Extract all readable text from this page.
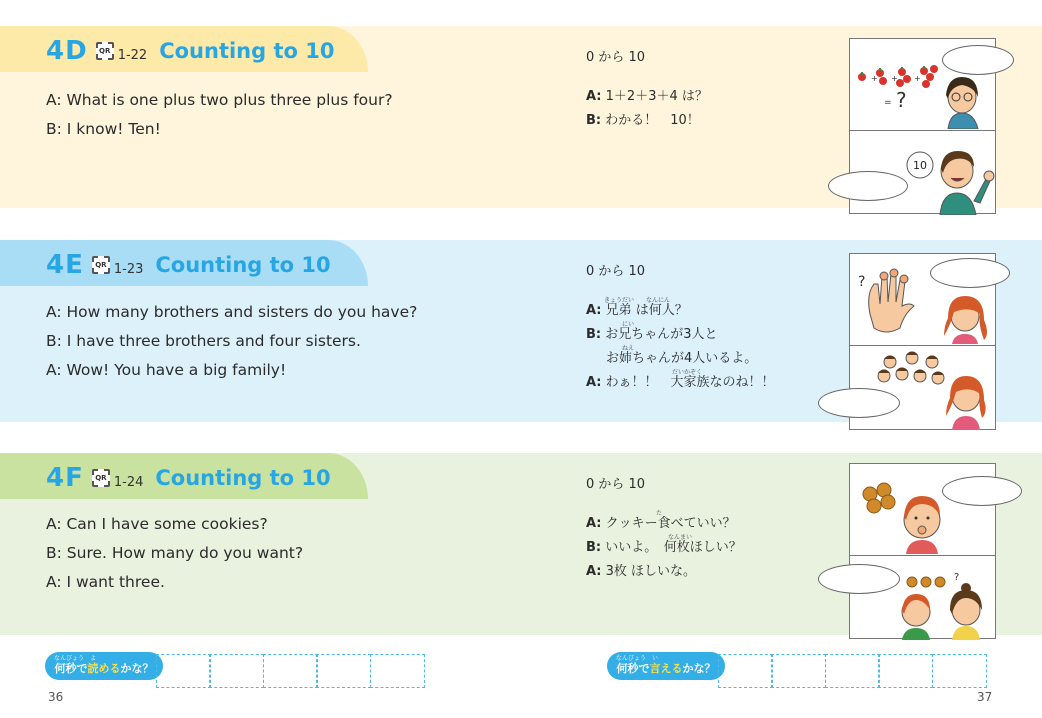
4D	QR 1-22 Counting to 10
A: What is one plus two plus three plus four?
B: I know! Ten!
0 から 10
A: 1＋2＋3＋4 は？
B: わかる！　10！
+ + +
= ?
10
4E	QR 1-23 Counting to 10
A: How many brothers and sisters do you have?
B: I have three brothers and four sisters.
A: Wow! You have a big family!
0 から 10
きょうだい　　なんにん
A: 兄弟 は何人？
にい
B: お兄ちゃんが3人と
ねえ
お姉ちゃんが4人いるよ。
だいかぞく
A: わぁ！！　大家族なのね！！
?
4F	QR 1-24 Counting to 10
A: Can I have some cookies?
B: Sure. How many do you want?
A: I want three.
0 から 10
た
A: クッキー食べていい？
なんまい
B: いいよ。　何枚ほしい？
A: 3枚 ほしいな。	?
なんびょう　よ
何秒で 読める かな？
なんびょう　い
何秒で 言える かな？
36	37
